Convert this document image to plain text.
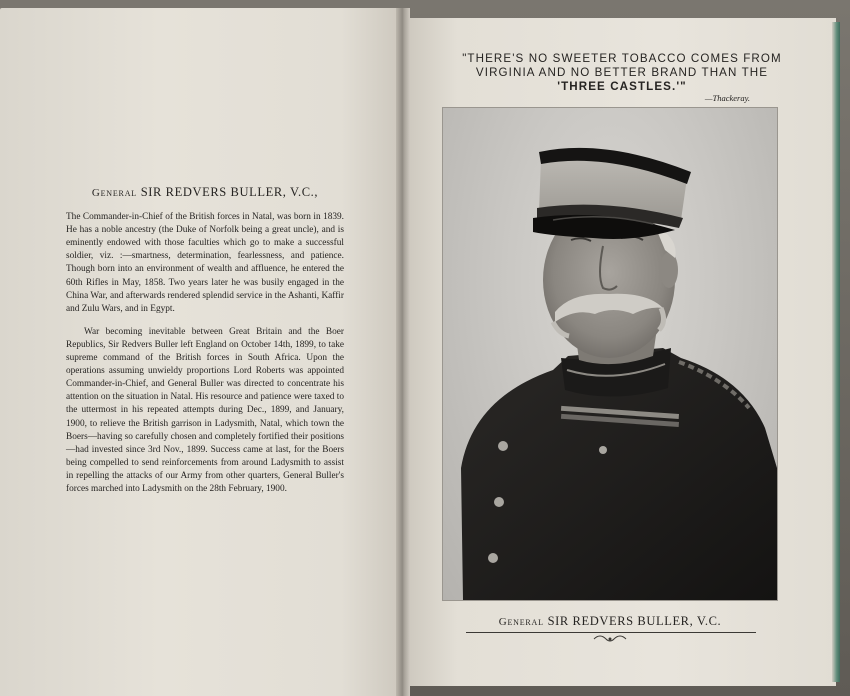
General SIR REDVERS BULLER, V.C.,

The Commander-in-Chief of the British forces in Natal, was born in 1839. He has a noble ancestry (the Duke of Norfolk being a great uncle), and is eminently endowed with those faculties which go to make a successful soldier, viz. :—smartness, determination, fearlessness, and patience. Though born into an environment of wealth and affluence, he entered the 60th Rifles in May, 1858. Two years later he was busily engaged in the China War, and afterwards rendered splendid service in the Ashanti, Kaffir and Zulu Wars, and in Egypt.

War becoming inevitable between Great Britain and the Boer Republics, Sir Redvers Buller left England on October 14th, 1899, to take supreme command of the British forces in South Africa. Upon the operations assuming unwieldy proportions Lord Roberts was appointed Commander-in-Chief, and General Buller was directed to concentrate his attention on the situation in Natal. His resource and patience were taxed to the uttermost in his repeated attempts during Dec., 1899, and January, 1900, to relieve the British garrison in Ladysmith, Natal, which town the Boers—having so carefully chosen and completely fortified their positions—had invested since 3rd Nov., 1899. Success came at last, for the Boers being compelled to send reinforcements from around Ladysmith to assist in repelling the attacks of our Army from other quarters, General Buller's forces marched into Ladysmith on the 28th February, 1900.

"THERE'S NO SWEETER TOBACCO COMES FROM
VIRGINIA AND NO BETTER BRAND THAN THE
'THREE CASTLES.'"
—Thackeray.
General SIR REDVERS BULLER, V.C.
